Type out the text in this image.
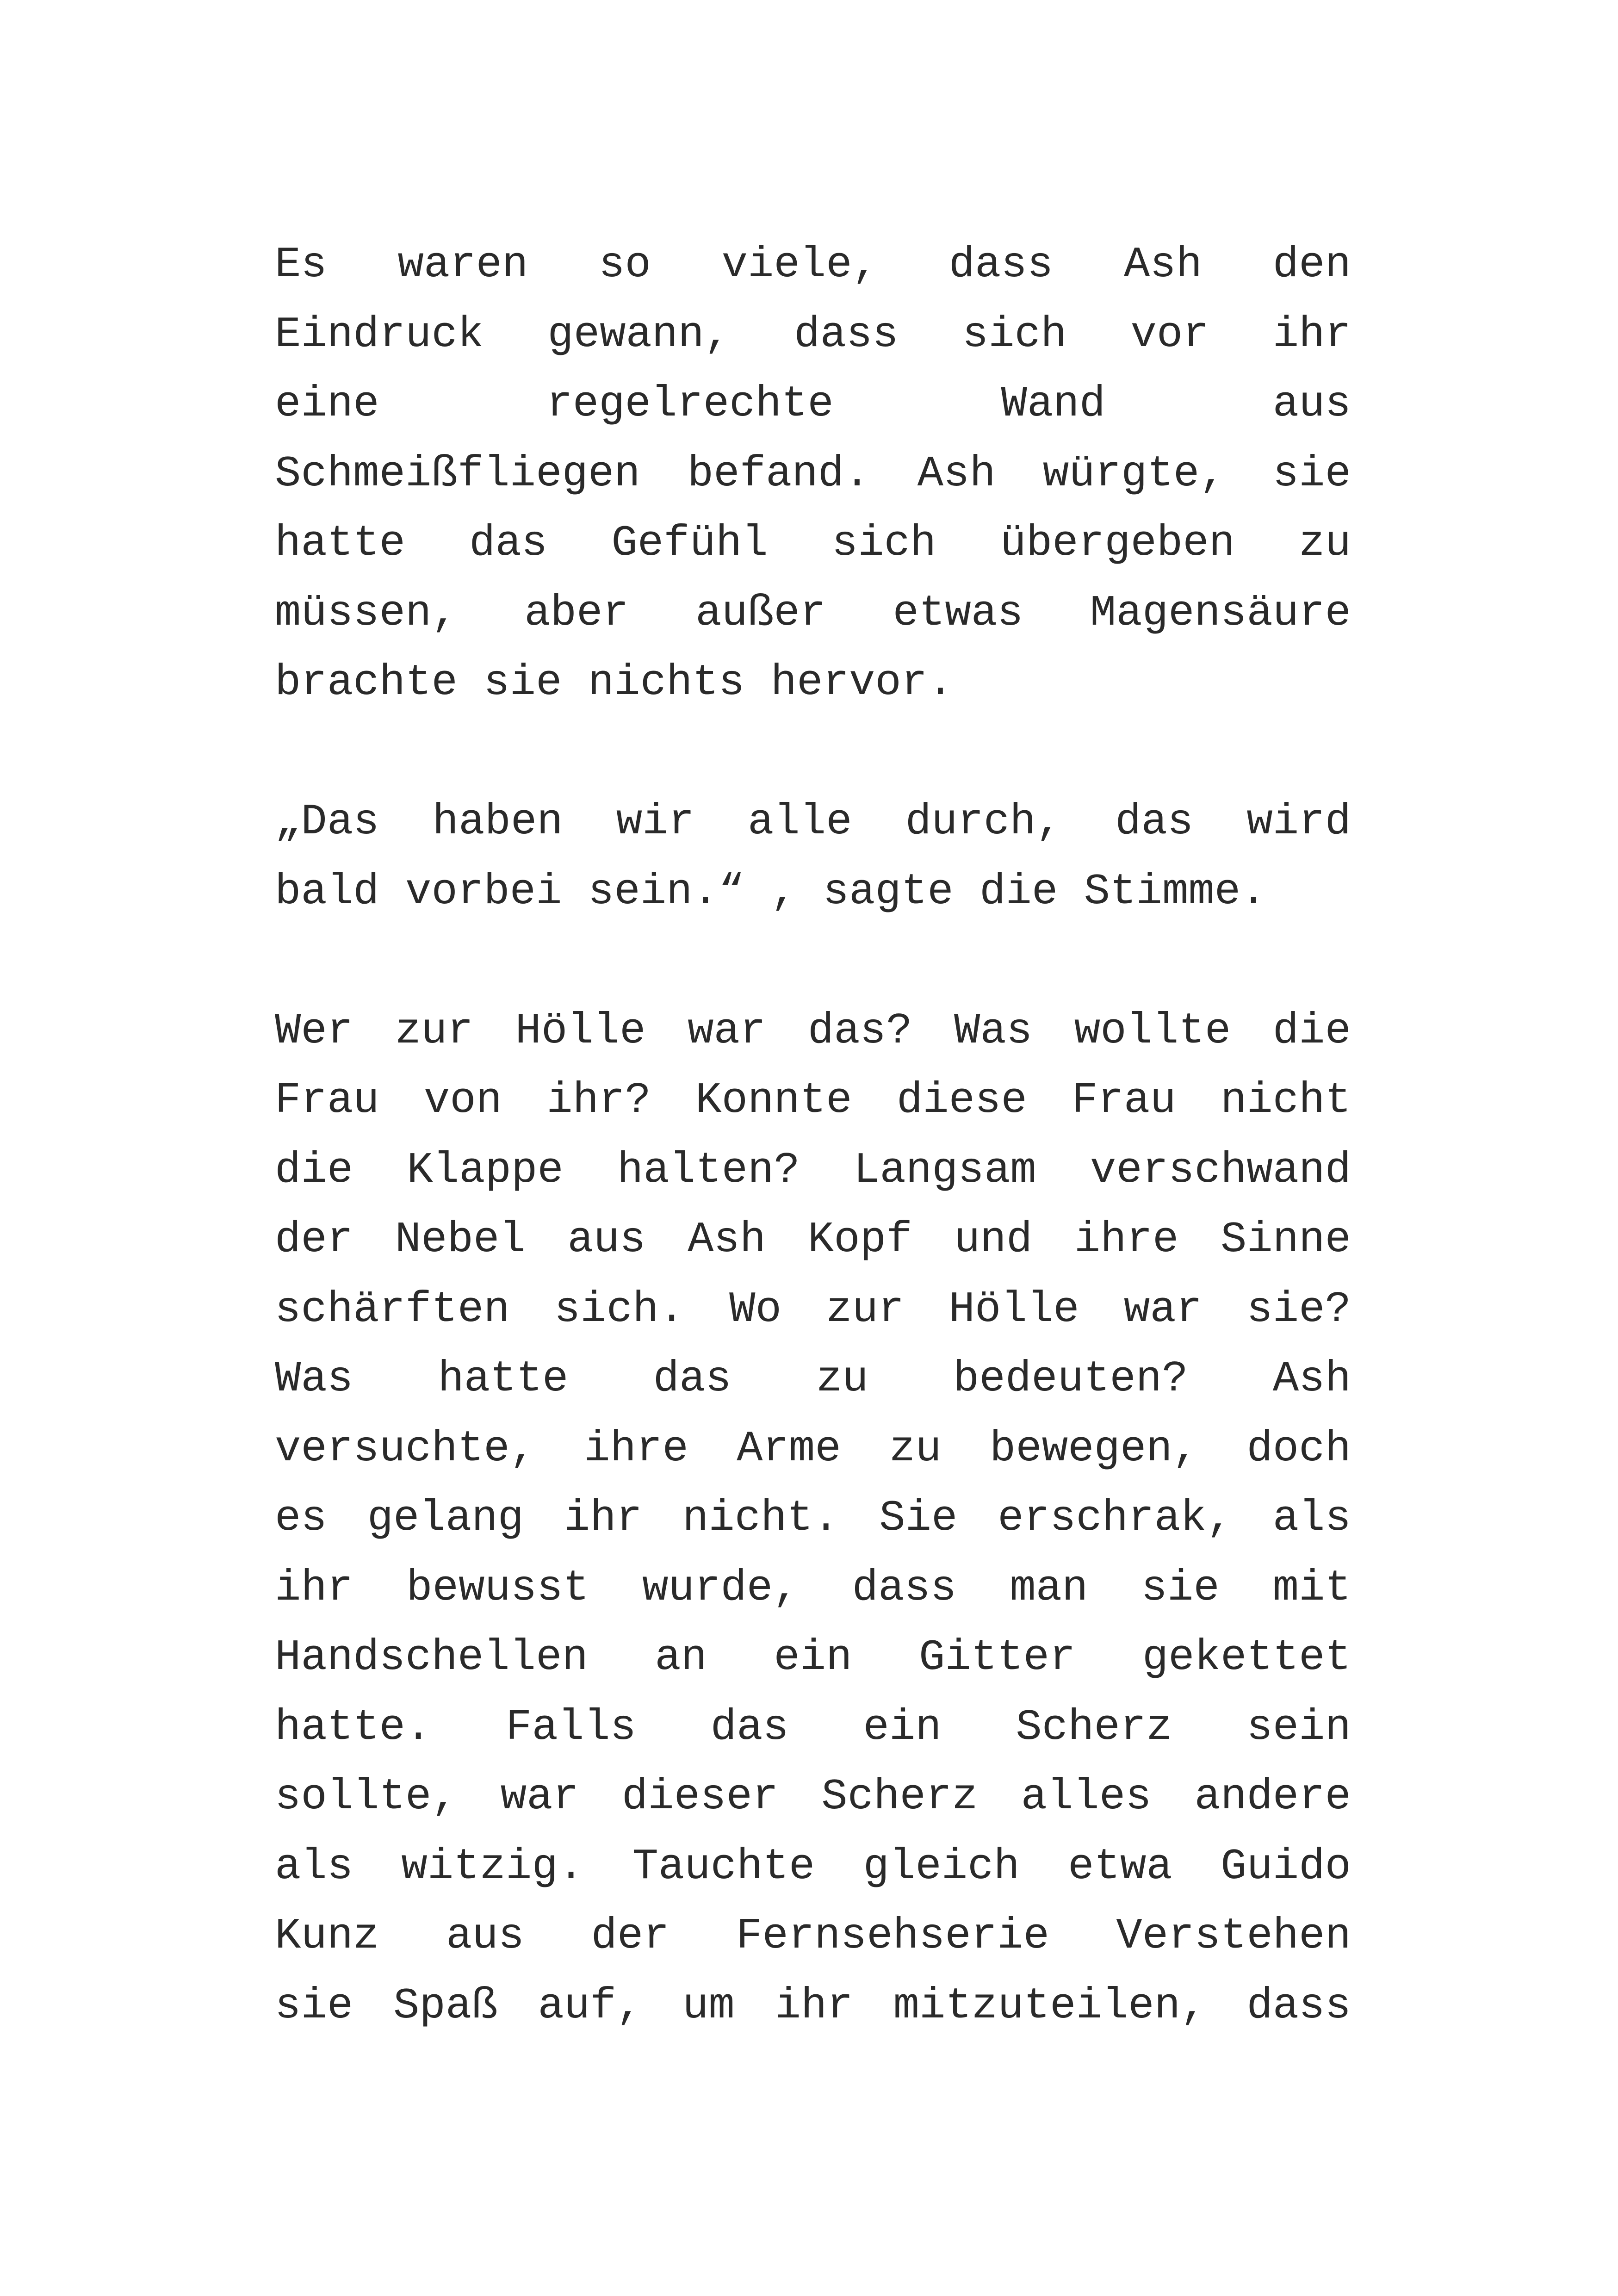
Es waren so viele, dass Ash den
Eindruck gewann, dass sich vor ihr
eine regelrechte Wand aus
Schmeißfliegen befand. Ash würgte, sie
hatte das Gefühl sich übergeben zu
müssen, aber außer etwas Magensäure
brachte sie nichts hervor.

„Das haben wir alle durch, das wird
bald vorbei sein.“ , sagte die Stimme.

Wer zur Hölle war das? Was wollte die
Frau von ihr? Konnte diese Frau nicht
die Klappe halten? Langsam verschwand
der Nebel aus Ash Kopf und ihre Sinne
schärften sich. Wo zur Hölle war sie?
Was hatte das zu bedeuten? Ash
versuchte, ihre Arme zu bewegen, doch
es gelang ihr nicht. Sie erschrak, als
ihr bewusst wurde, dass man sie mit
Handschellen an ein Gitter gekettet
hatte. Falls das ein Scherz sein
sollte, war dieser Scherz alles andere
als witzig. Tauchte gleich etwa Guido
Kunz aus der Fernsehserie Verstehen
sie Spaß auf, um ihr mitzuteilen, dass
